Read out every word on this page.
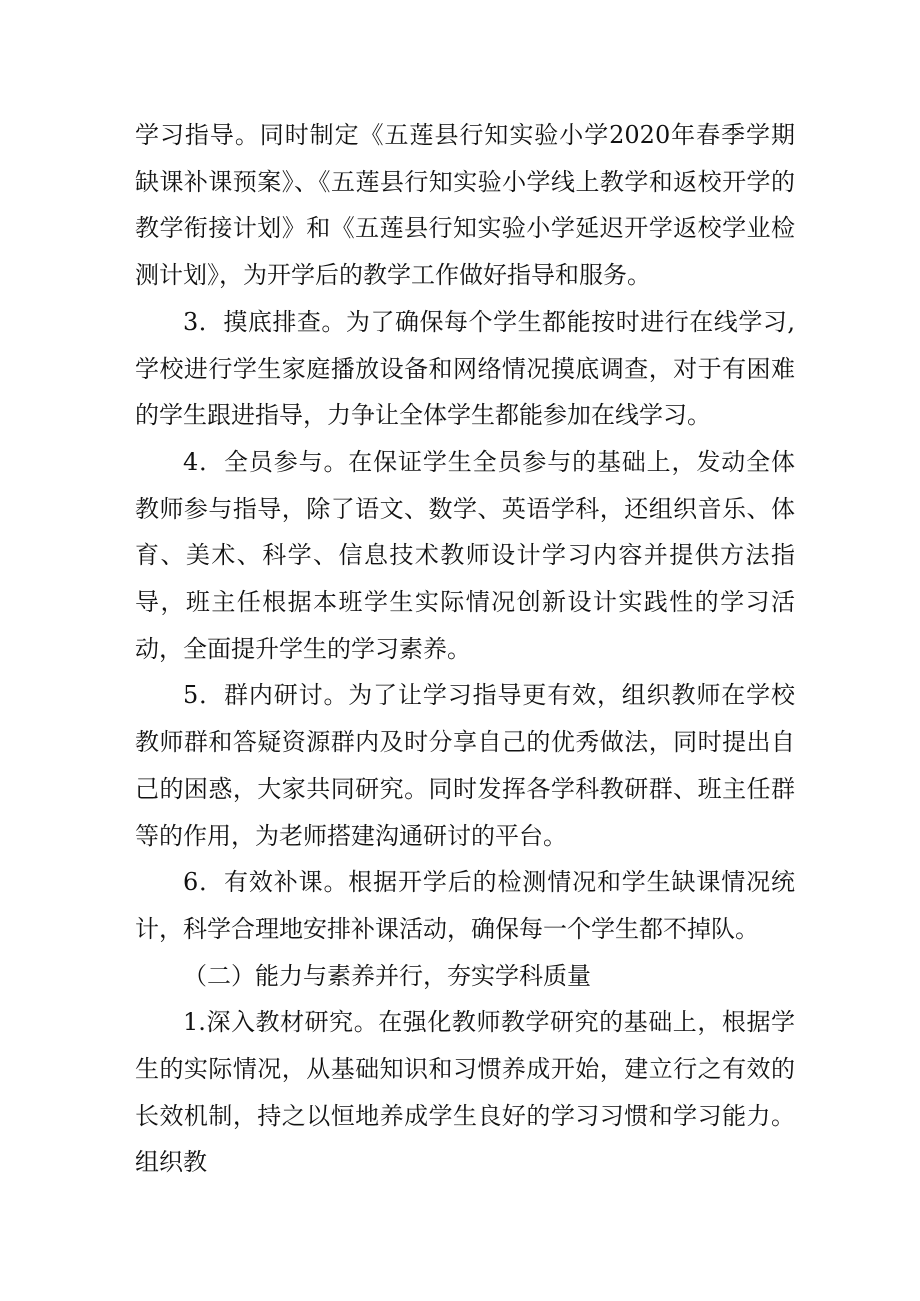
学习指导。同时制定《五莲县行知实验小学2020年春季学期缺课补课预案》、《五莲县行知实验小学线上教学和返校开学的教学衔接计划》和《五莲县行知实验小学延迟开学返校学业检测计划》，为开学后的教学工作做好指导和服务。

3．摸底排查。为了确保每个学生都能按时进行在线学习,学校进行学生家庭播放设备和网络情况摸底调查，对于有困难的学生跟进指导，力争让全体学生都能参加在线学习。

4．全员参与。在保证学生全员参与的基础上，发动全体教师参与指导，除了语文、数学、英语学科，还组织音乐、体育、美术、科学、信息技术教师设计学习内容并提供方法指导，班主任根据本班学生实际情况创新设计实践性的学习活动，全面提升学生的学习素养。

5．群内研讨。为了让学习指导更有效，组织教师在学校教师群和答疑资源群内及时分享自己的优秀做法，同时提出自己的困惑，大家共同研究。同时发挥各学科教研群、班主任群等的作用，为老师搭建沟通研讨的平台。

6．有效补课。根据开学后的检测情况和学生缺课情况统计，科学合理地安排补课活动，确保每一个学生都不掉队。

（二）能力与素养并行，夯实学科质量

1.深入教材研究。在强化教师教学研究的基础上，根据学生的实际情况，从基础知识和习惯养成开始，建立行之有效的长效机制，持之以恒地养成学生良好的学习习惯和学习能力。组织教
